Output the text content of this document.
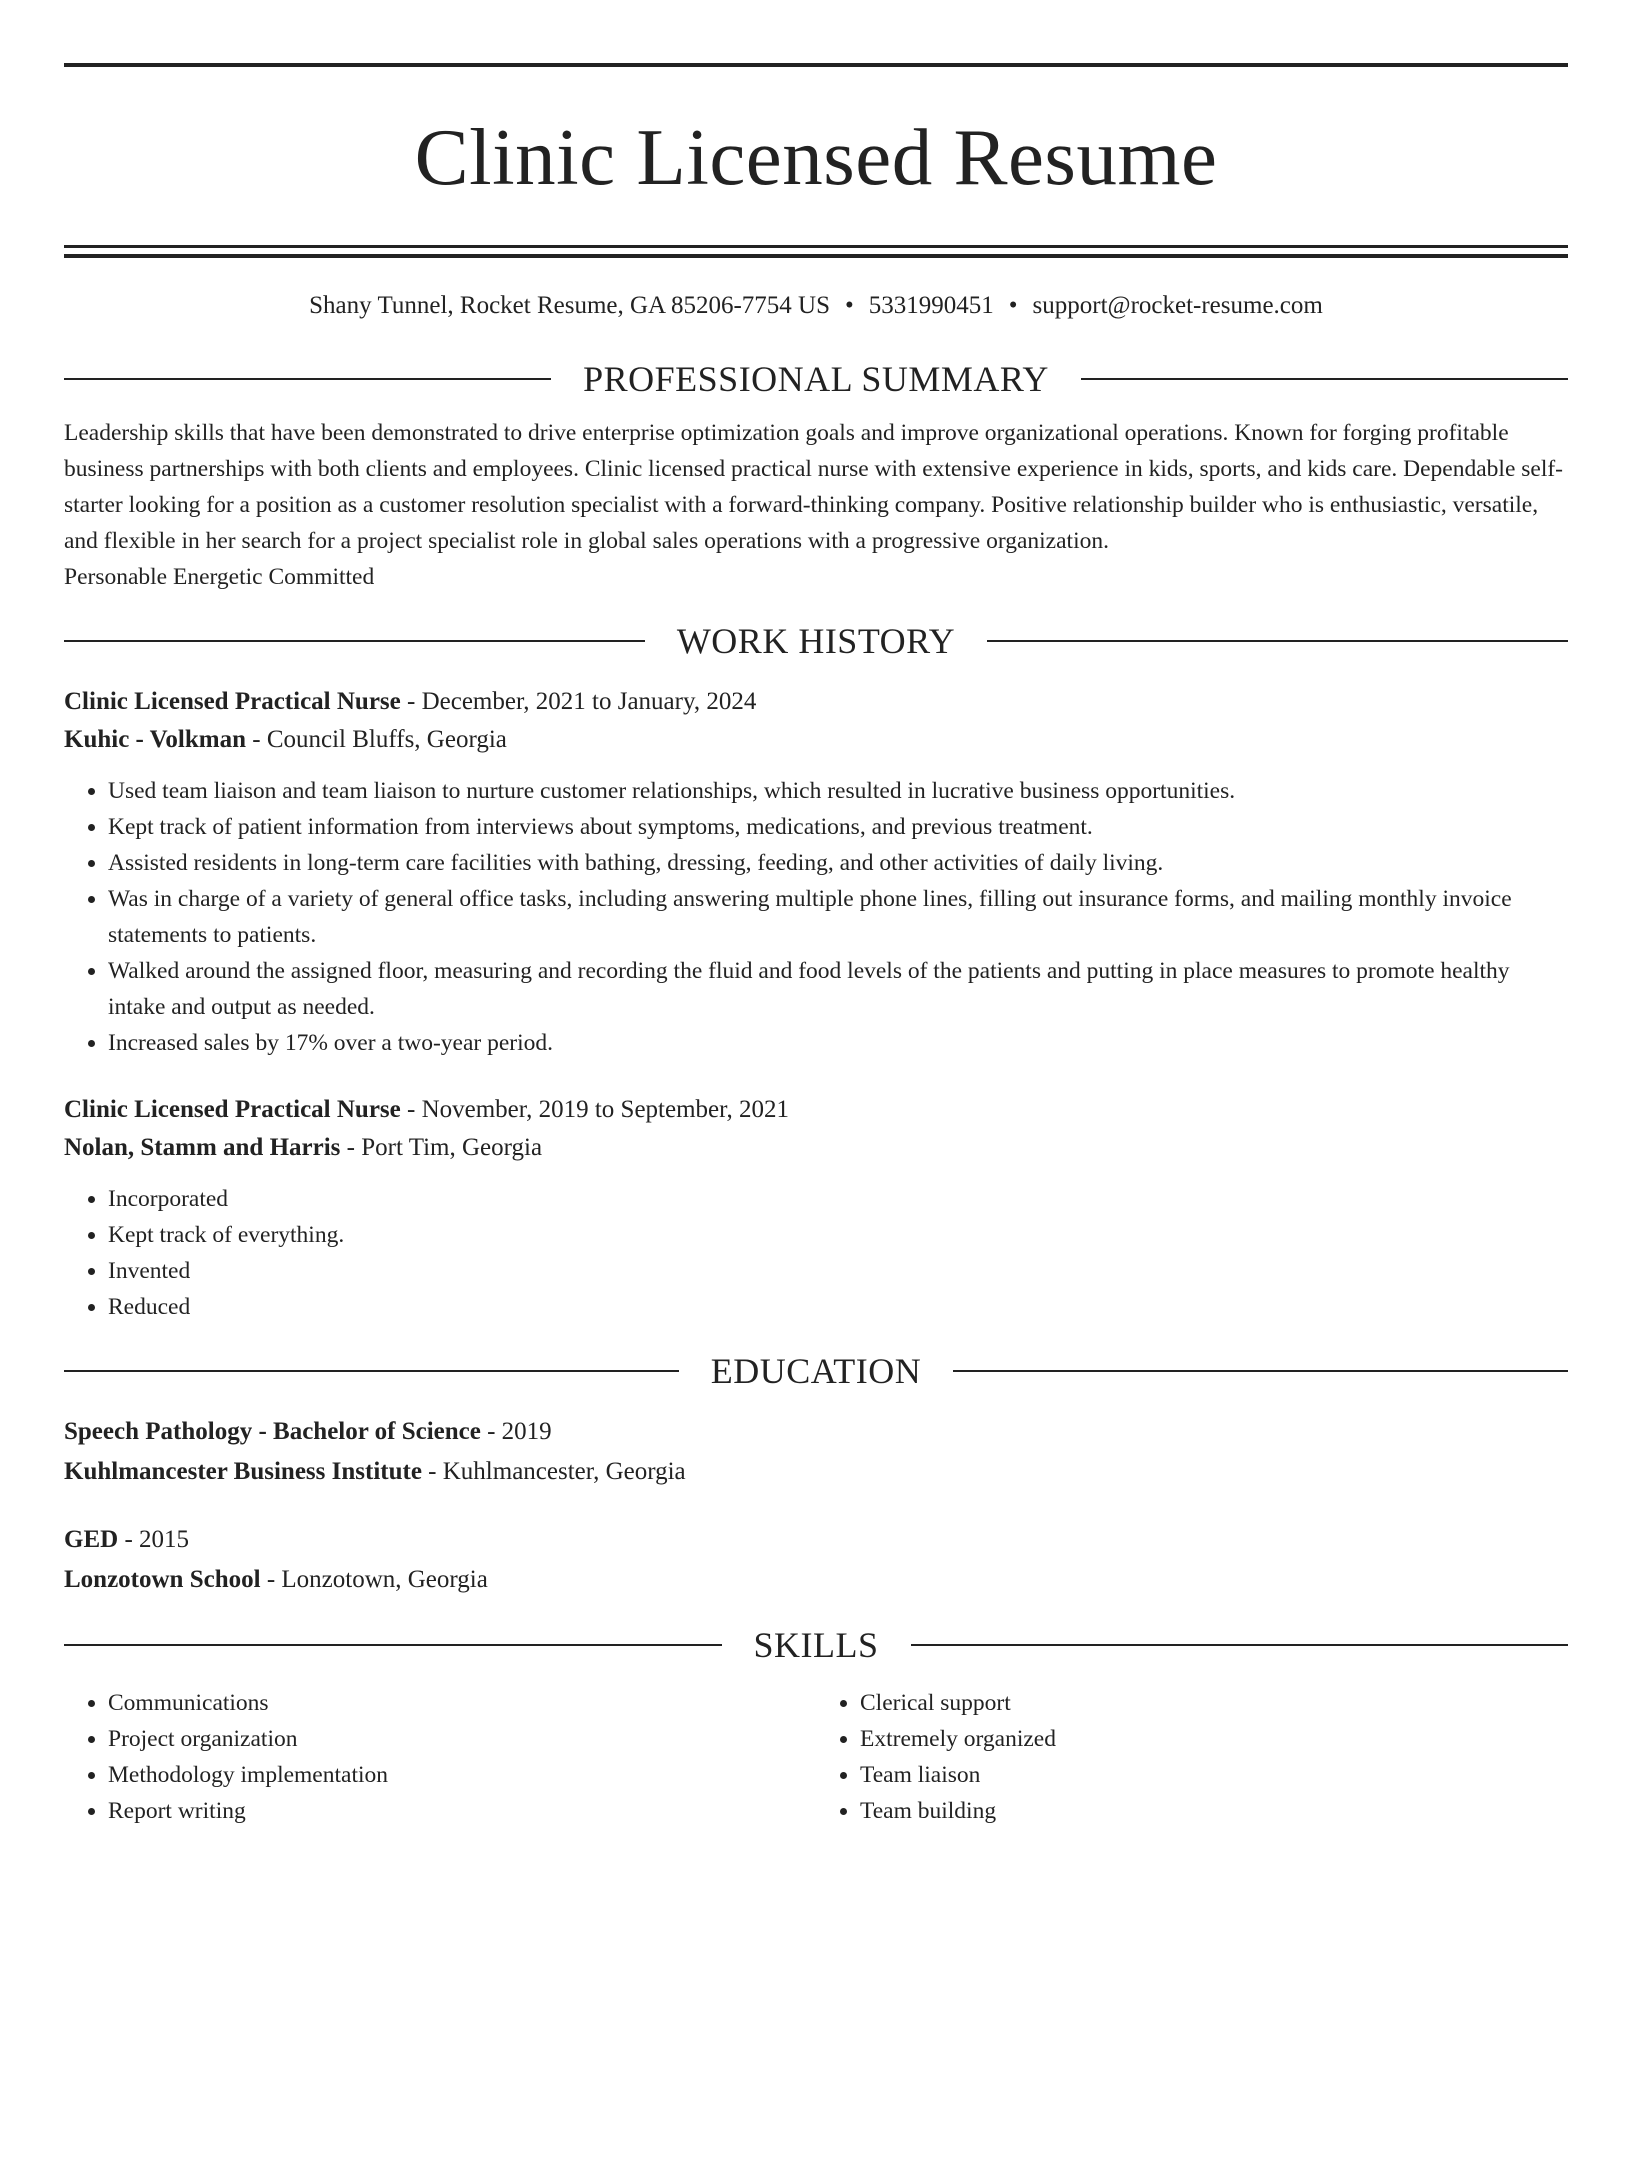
Clinic Licensed Resume
Shany Tunnel, Rocket Resume, GA 85206-7754 US • 5331990451 • support@rocket-resume.com
PROFESSIONAL SUMMARY
Leadership skills that have been demonstrated to drive enterprise optimization goals and improve organizational operations. Known for forging profitable business partnerships with both clients and employees. Clinic licensed practical nurse with extensive experience in kids, sports, and kids care. Dependable self-starter looking for a position as a customer resolution specialist with a forward-thinking company. Positive relationship builder who is enthusiastic, versatile, and flexible in her search for a project specialist role in global sales operations with a progressive organization.
Personable Energetic Committed
WORK HISTORY
Clinic Licensed Practical Nurse - December, 2021 to January, 2024
Kuhic - Volkman - Council Bluffs, Georgia
• Used team liaison and team liaison to nurture customer relationships, which resulted in lucrative business opportunities.
• Kept track of patient information from interviews about symptoms, medications, and previous treatment.
• Assisted residents in long-term care facilities with bathing, dressing, feeding, and other activities of daily living.
• Was in charge of a variety of general office tasks, including answering multiple phone lines, filling out insurance forms, and mailing monthly invoice statements to patients.
• Walked around the assigned floor, measuring and recording the fluid and food levels of the patients and putting in place measures to promote healthy intake and output as needed.
• Increased sales by 17% over a two-year period.
Clinic Licensed Practical Nurse - November, 2019 to September, 2021
Nolan, Stamm and Harris - Port Tim, Georgia
• Incorporated
• Kept track of everything.
• Invented
• Reduced
EDUCATION
Speech Pathology - Bachelor of Science - 2019
Kuhlmancester Business Institute - Kuhlmancester, Georgia
GED - 2015
Lonzotown School - Lonzotown, Georgia
SKILLS
• Communications
• Project organization
• Methodology implementation
• Report writing
• Clerical support
• Extremely organized
• Team liaison
• Team building
